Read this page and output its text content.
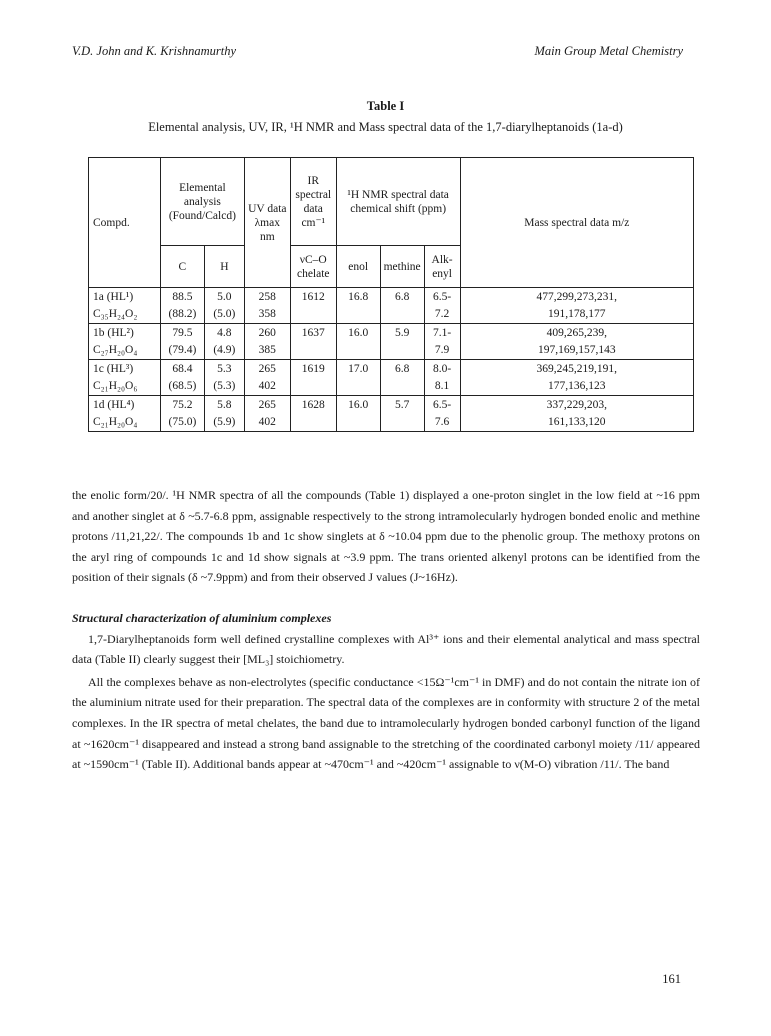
V.D. John and K. Krishnamurthy	Main Group Metal Chemistry
Table I
Elemental analysis, UV, IR, ¹H NMR and Mass spectral data of the 1,7-diarylheptanoids (1a-d)
Compd.	Elemental analysis (Found/Calcd)		UV data λmax nm	IR spectral data cm⁻¹	¹H NMR spectral data chemical shift (ppm)			Mass spectral data m/z
	C	H		νC–O chelate	enol	methine	Alk-enyl	
1a (HL¹)	88.5	5.0	258	1612	16.8	6.8	6.5-	477,299,273,231,
C₃₅H₂₄O₂	(88.2)	(5.0)	358				7.2	191,178,177
1b (HL²)	79.5	4.8	260	1637	16.0	5.9	7.1-	409,265,239,
C₂₇H₂₀O₄	(79.4)	(4.9)	385				7.9	197,169,157,143
1c (HL³)	68.4	5.3	265	1619	17.0	6.8	8.0-	369,245,219,191,
C₂₁H₂₀O₆	(68.5)	(5.3)	402				8.1	177,136,123
1d (HL⁴)	75.2	5.8	265	1628	16.0	5.7	6.5-	337,229,203,
C₂₁H₂₀O₄	(75.0)	(5.9)	402				7.6	161,133,120

the enolic form/20/. ¹H NMR spectra of all the compounds (Table 1) displayed a one-proton singlet in the low field at ~16 ppm and another singlet at δ ~5.7-6.8 ppm, assignable respectively to the strong intramolecularly hydrogen bonded enolic and methine protons /11,21,22/. The compounds 1b and 1c show singlets at δ ~10.04 ppm due to the phenolic group. The methoxy protons on the aryl ring of compounds 1c and 1d show signals at ~3.9 ppm. The trans oriented alkenyl protons can be identified from the position of their signals (δ ~7.9ppm) and from their observed J values (J~16Hz).

Structural characterization of aluminium complexes

1,7-Diarylheptanoids form well defined crystalline complexes with Al³⁺ ions and their elemental analytical and mass spectral data (Table II) clearly suggest their [ML₃] stoichiometry.

All the complexes behave as non-electrolytes (specific conductance <15Ω⁻¹cm⁻¹ in DMF) and do not contain the nitrate ion of the aluminium nitrate used for their preparation. The spectral data of the complexes are in conformity with structure 2 of the metal complexes. In the IR spectra of metal chelates, the band due to intramolecularly hydrogen bonded carbonyl function of the ligand at ~1620cm⁻¹ disappeared and instead a strong band assignable to the stretching of the coordinated carbonyl moiety /11/ appeared at ~1590cm⁻¹ (Table II). Additional bands appear at ~470cm⁻¹ and ~420cm⁻¹ assignable to ν(M-O) vibration /11/. The band

161
